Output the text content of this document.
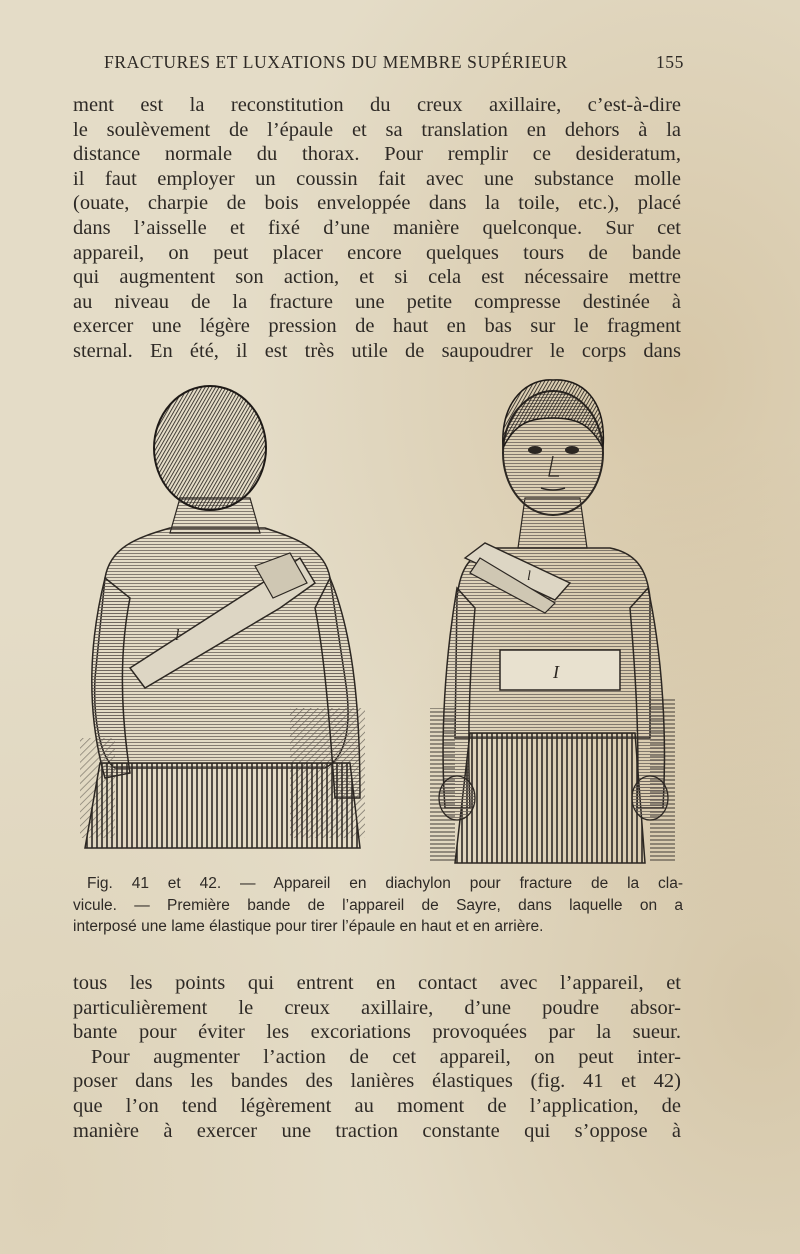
FRACTURES ET LUXATIONS DU MEMBRE SUPÉRIEUR	155
ment est la reconstitution du creux axillaire, c’est-à-dire
le soulèvement de l’épaule et sa translation en dehors à la
distance normale du thorax. Pour remplir ce desideratum,
il faut employer un coussin fait avec une substance molle
(ouate, charpie de bois enveloppée dans la toile, etc.), placé
dans l’aisselle et fixé d’une manière quelconque. Sur cet
appareil, on peut placer encore quelques tours de bande
qui augmentent son action, et si cela est nécessaire mettre
au niveau de la fracture une petite compresse destinée à
exercer une légère pression de haut en bas sur le fragment
sternal. En été, il est très utile de saupoudrer le corps dans
l
l
I
Fig. 41 et 42. — Appareil en diachylon pour fracture de la cla-
vicule. — Première bande de l’appareil de Sayre, dans laquelle on a
interposé une lame élastique pour tirer l’épaule en haut et en arrière.
tous les points qui entrent en contact avec l’appareil, et
particulièrement le creux axillaire, d’une poudre absor-
bante pour éviter les excoriations provoquées par la sueur.
Pour augmenter l’action de cet appareil, on peut inter-
poser dans les bandes des lanières élastiques (fig. 41 et 42)
que l’on tend légèrement au moment de l’application, de
manière à exercer une traction constante qui s’oppose à
